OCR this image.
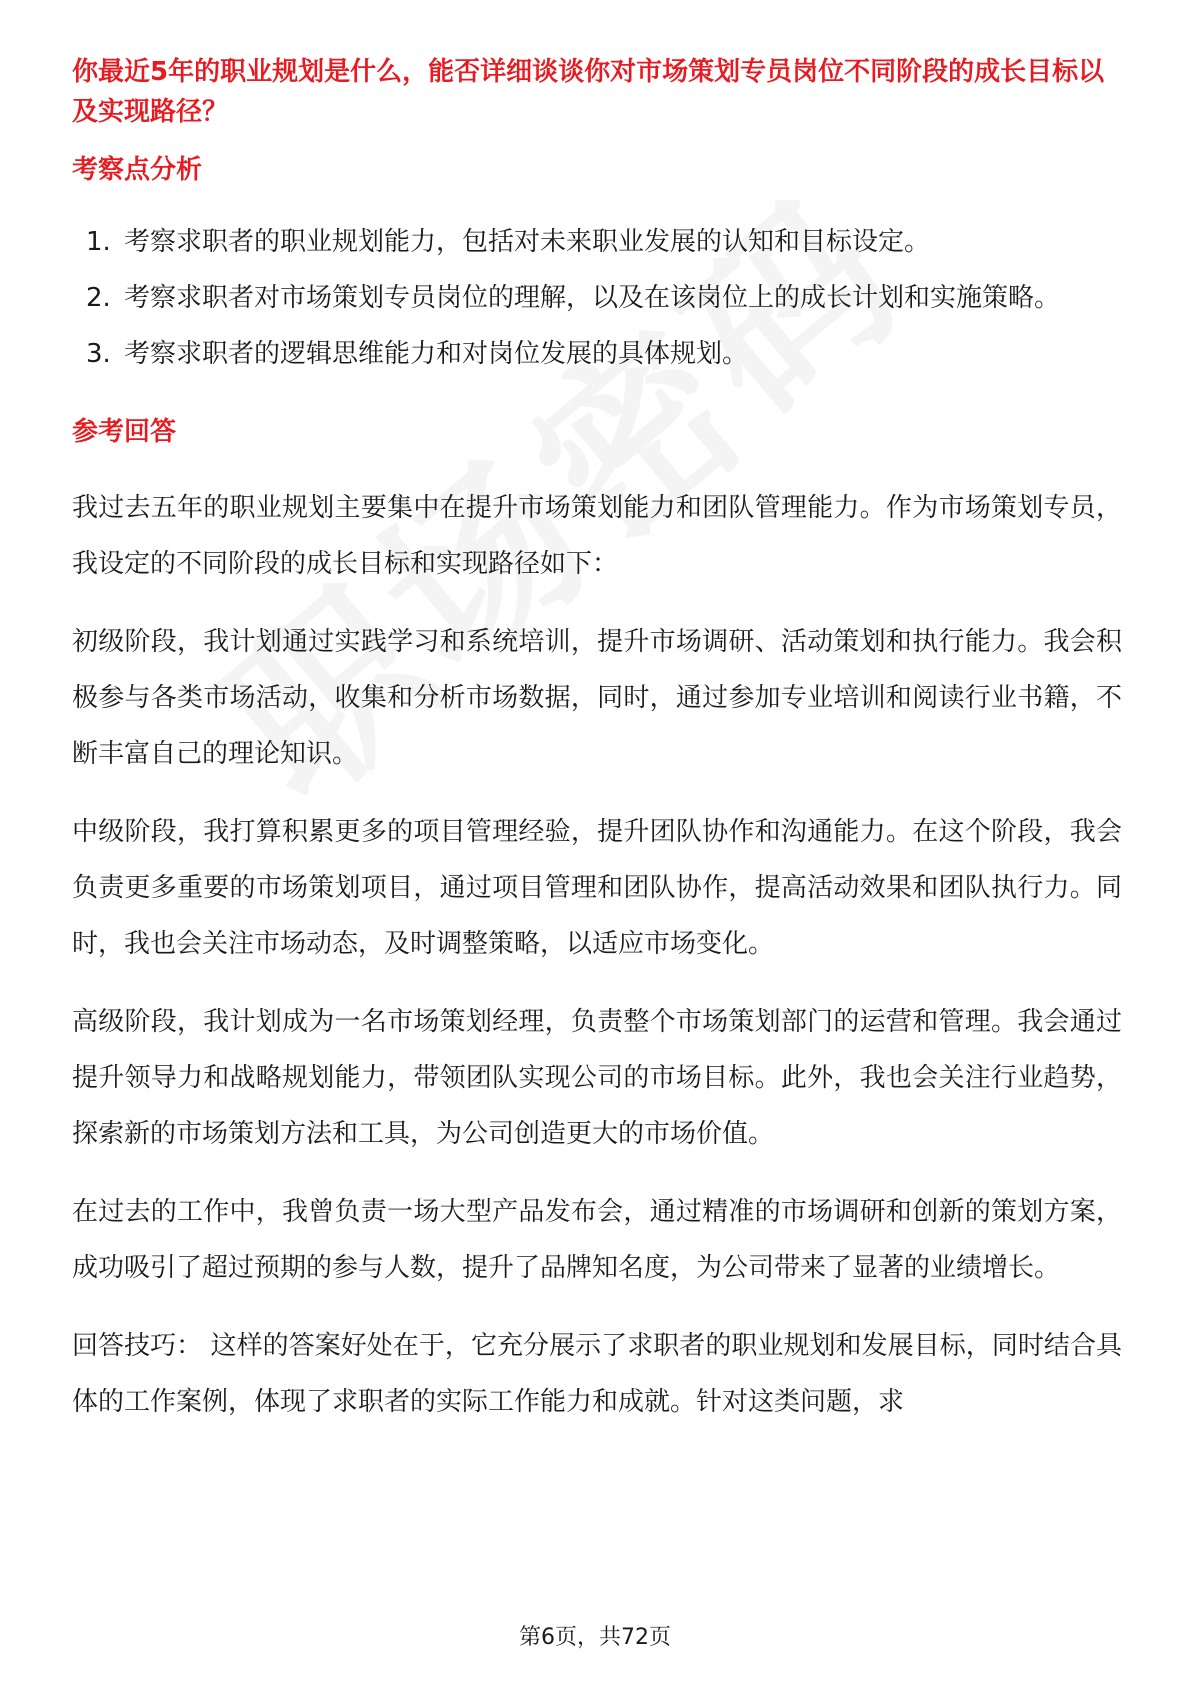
你最近5年的职业规划是什么，能否详细谈谈你对市场策划专员岗位不同阶段的成长目标以及实现路径？

考察点分析
1. 考察求职者的职业规划能力，包括对未来职业发展的认知和目标设定。
2. 考察求职者对市场策划专员岗位的理解，以及在该岗位上的成长计划和实施策略。
3. 考察求职者的逻辑思维能力和对岗位发展的具体规划。
参考回答

我过去五年的职业规划主要集中在提升市场策划能力和团队管理能力。作为市场策划专员，我设定的不同阶段的成长目标和实现路径如下：

初级阶段，我计划通过实践学习和系统培训，提升市场调研、活动策划和执行能力。我会积极参与各类市场活动，收集和分析市场数据，同时，通过参加专业培训和阅读行业书籍，不断丰富自己的理论知识。

中级阶段，我打算积累更多的项目管理经验，提升团队协作和沟通能力。在这个阶段，我会负责更多重要的市场策划项目，通过项目管理和团队协作，提高活动效果和团队执行力。同时，我也会关注市场动态，及时调整策略，以适应市场变化。

高级阶段，我计划成为一名市场策划经理，负责整个市场策划部门的运营和管理。我会通过提升领导力和战略规划能力，带领团队实现公司的市场目标。此外，我也会关注行业趋势，探索新的市场策划方法和工具，为公司创造更大的市场价值。

在过去的工作中，我曾负责一场大型产品发布会，通过精准的市场调研和创新的策划方案，成功吸引了超过预期的参与人数，提升了品牌知名度，为公司带来了显著的业绩增长。

回答技巧： 这样的答案好处在于，它充分展示了求职者的职业规划和发展目标，同时结合具体的工作案例，体现了求职者的实际工作能力和成就。针对这类问题，求

第6页，共72页
